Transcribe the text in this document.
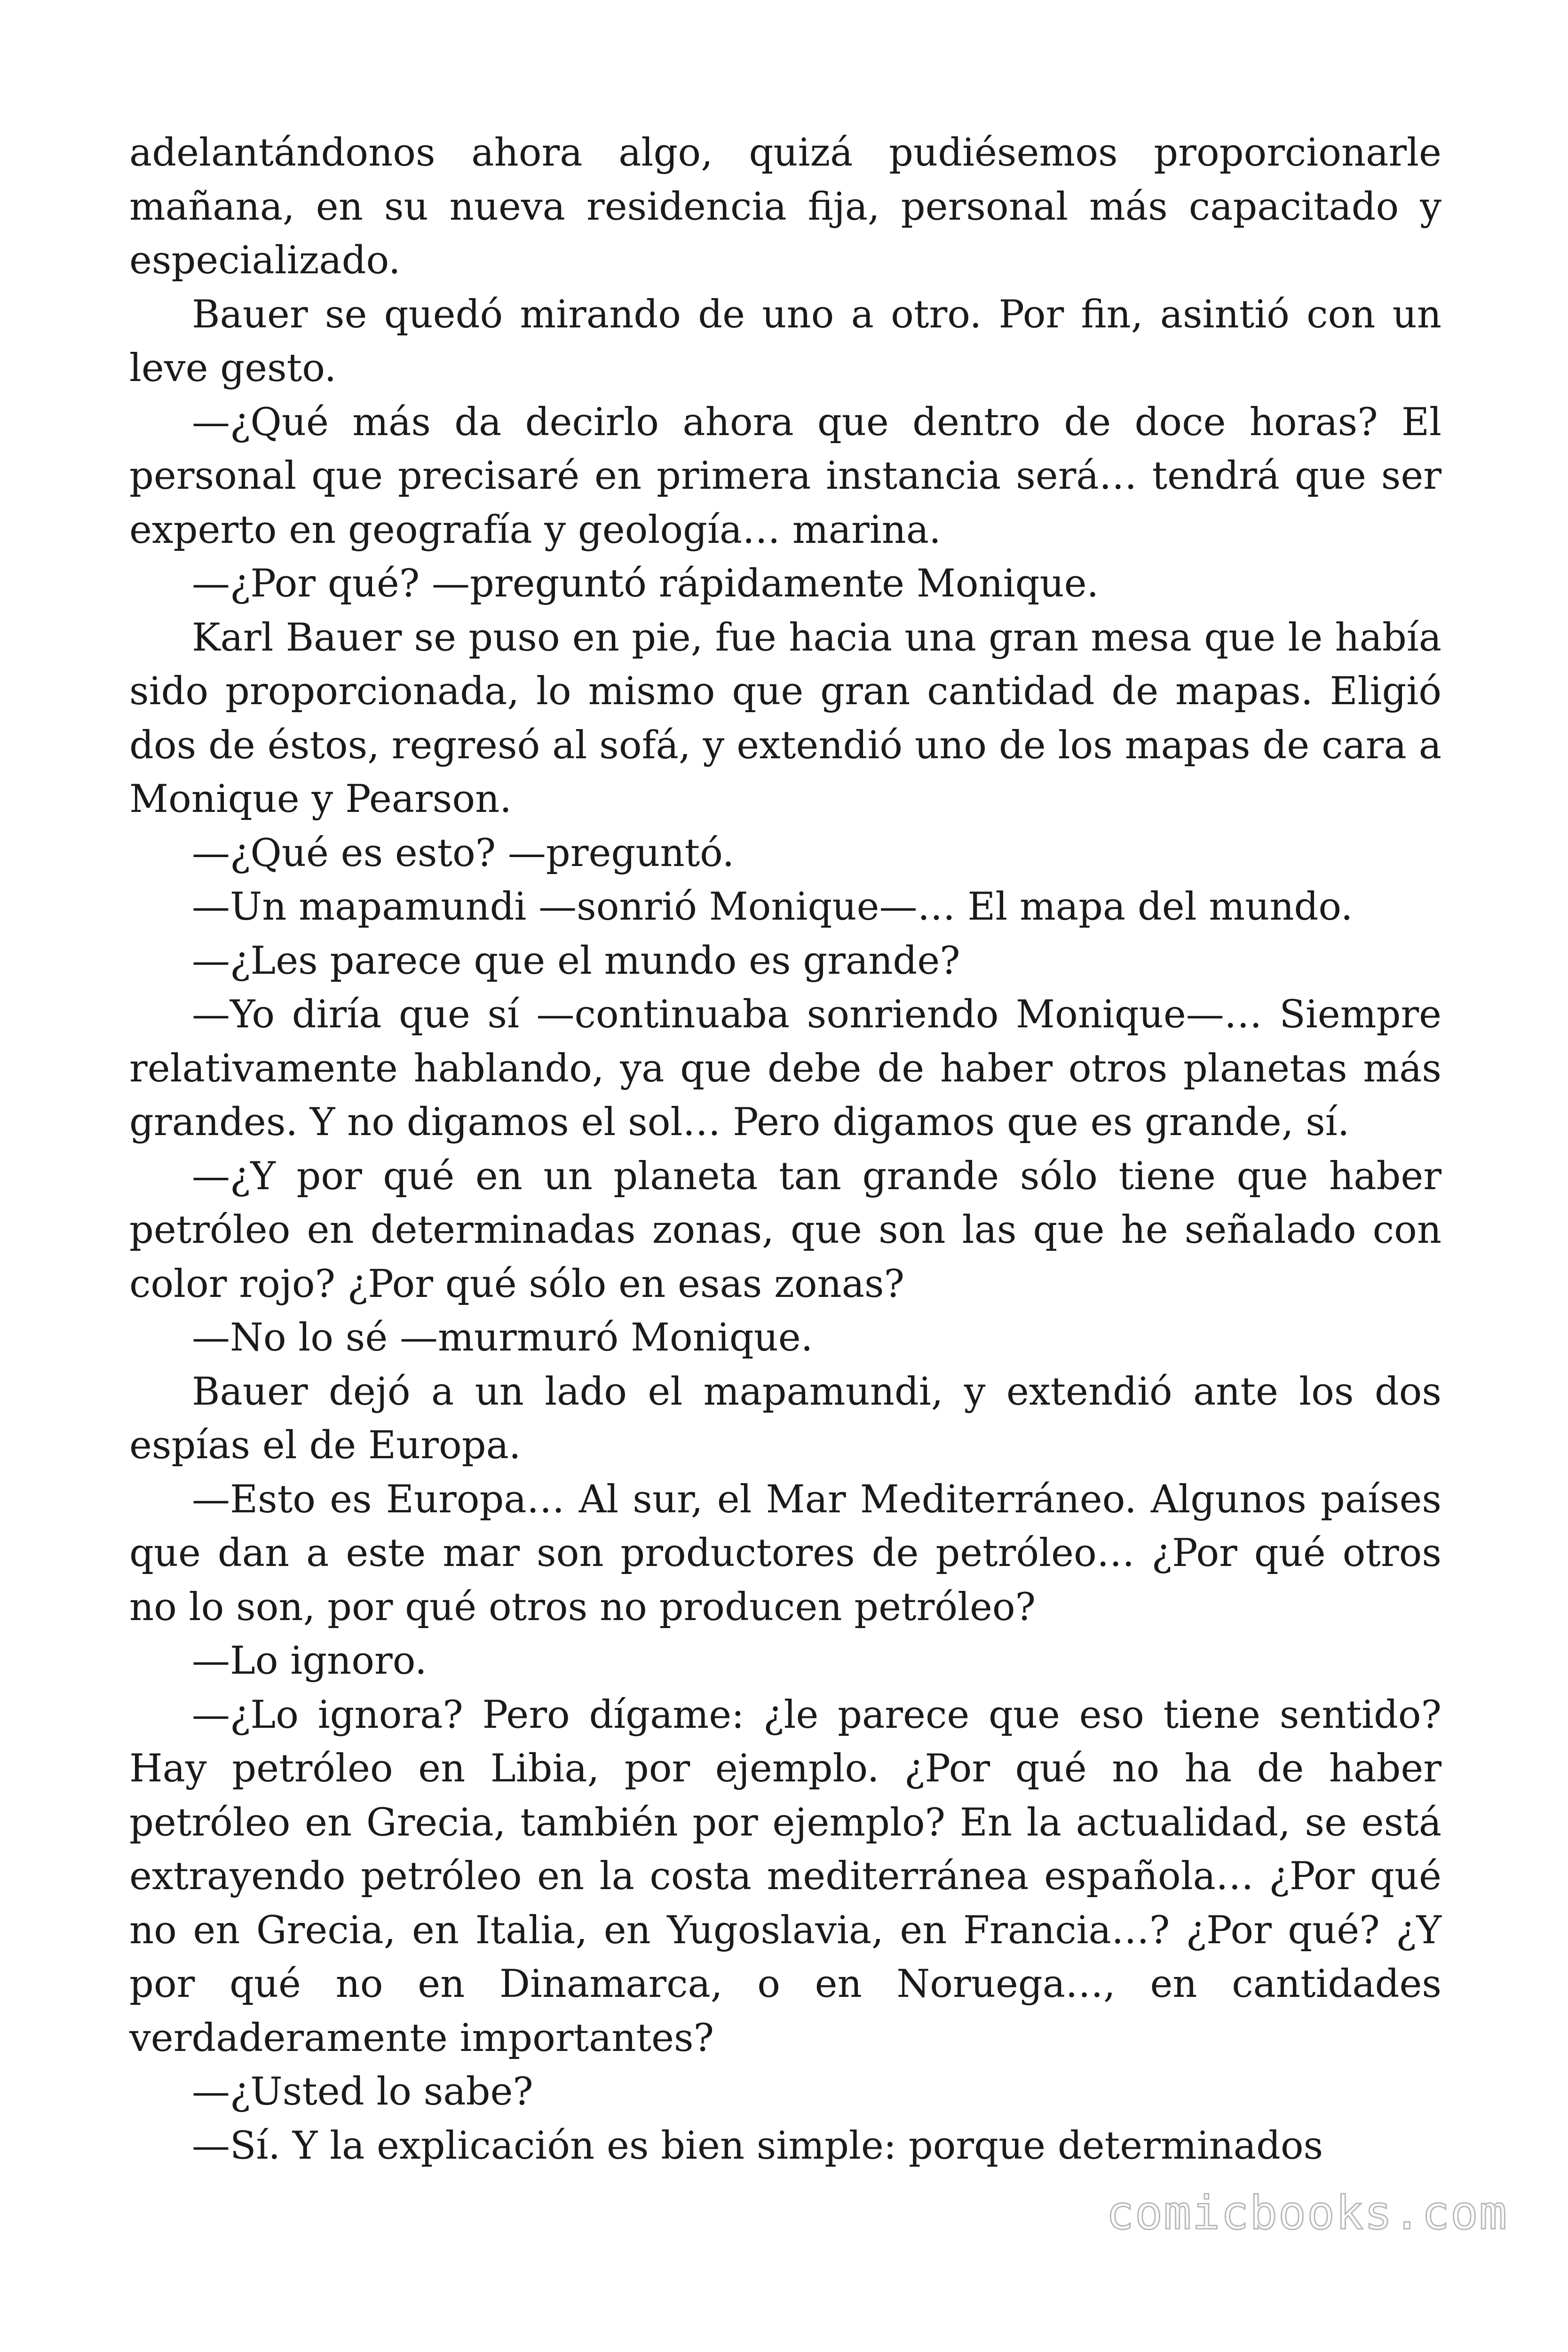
adelantándonos ahora algo, quizá pudiésemos proporcionarle mañana, en su nueva residencia fija, personal más capacitado y especializado.

Bauer se quedó mirando de uno a otro. Por fin, asintió con un leve gesto.

—¿Qué más da decirlo ahora que dentro de doce horas? El personal que precisaré en primera instancia será… tendrá que ser experto en geografía y geología… marina.

—¿Por qué? —preguntó rápidamente Monique.

Karl Bauer se puso en pie, fue hacia una gran mesa que le había sido proporcionada, lo mismo que gran cantidad de mapas. Eligió dos de éstos, regresó al sofá, y extendió uno de los mapas de cara a Monique y Pearson.

—¿Qué es esto? —preguntó.

—Un mapamundi —sonrió Monique—… El mapa del mundo.

—¿Les parece que el mundo es grande?

—Yo diría que sí —continuaba sonriendo Monique—… Siempre relativamente hablando, ya que debe de haber otros planetas más grandes. Y no digamos el sol… Pero digamos que es grande, sí.

—¿Y por qué en un planeta tan grande sólo tiene que haber petróleo en determinadas zonas, que son las que he señalado con color rojo? ¿Por qué sólo en esas zonas?

—No lo sé —murmuró Monique.

Bauer dejó a un lado el mapamundi, y extendió ante los dos espías el de Europa.

—Esto es Europa… Al sur, el Mar Mediterráneo. Algunos países que dan a este mar son productores de petróleo… ¿Por qué otros no lo son, por qué otros no producen petróleo?

—Lo ignoro.

—¿Lo ignora? Pero dígame: ¿le parece que eso tiene sentido? Hay petróleo en Libia, por ejemplo. ¿Por qué no ha de haber petróleo en Grecia, también por ejemplo? En la actualidad, se está extrayendo petróleo en la costa mediterránea española… ¿Por qué no en Grecia, en Italia, en Yugoslavia, en Francia…? ¿Por qué? ¿Y por qué no en Dinamarca, o en Noruega…, en cantidades verdaderamente importantes?

—¿Usted lo sabe?

—Sí. Y la explicación es bien simple: porque determinados

comicbooks.com
